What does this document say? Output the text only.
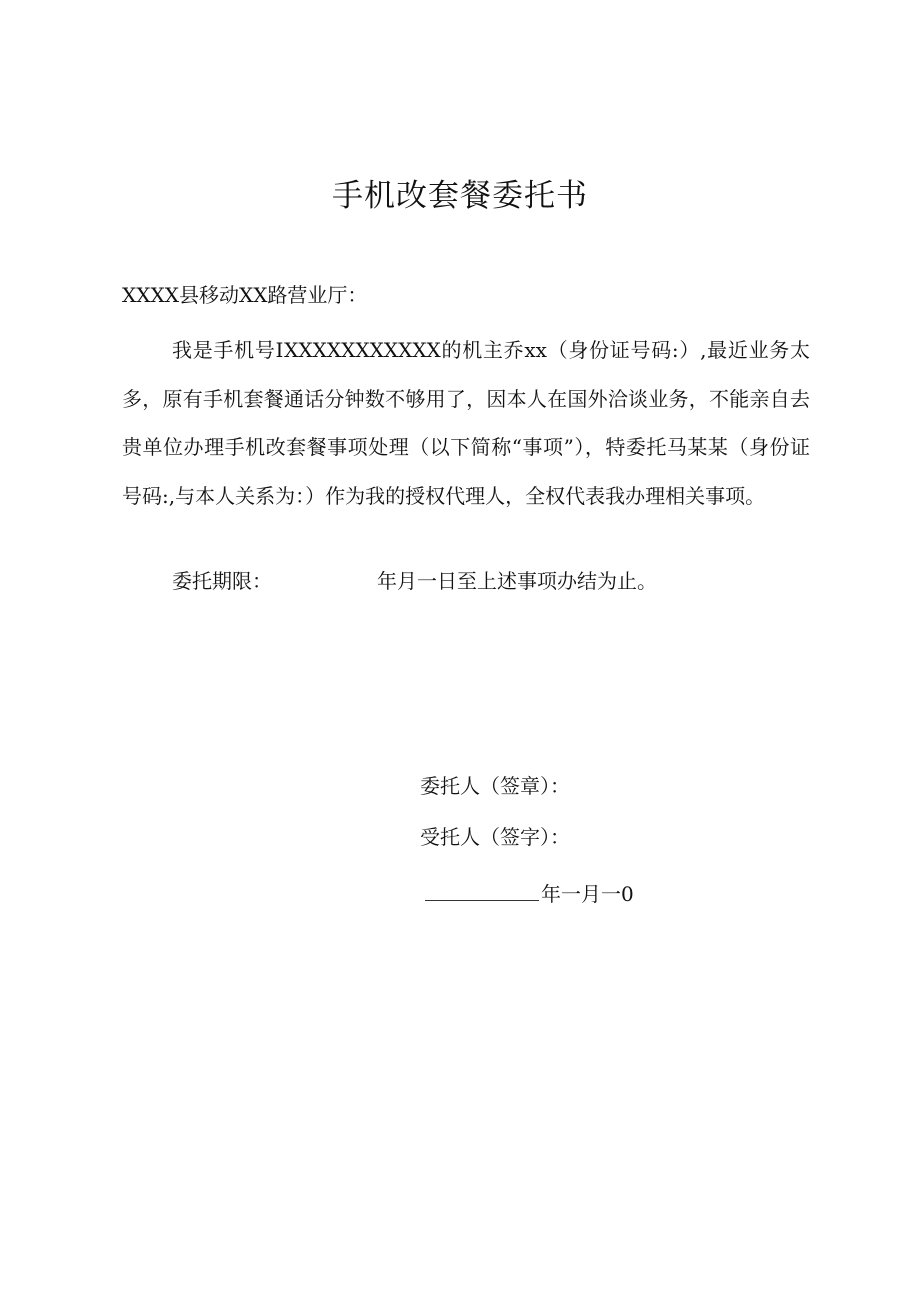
手机改套餐委托书
XXXX县移动XX路营业厅：
我是手机号ⅠXXXXXXXXXXX的机主乔xx（身份证号码:）,最近业务太多，原有手机套餐通话分钟数不够用了，因本人在国外洽谈业务，不能亲自去贵单位办理手机改套餐事项处理（以下简称“事项”），特委托马某某（身份证号码:,与本人关系为：）作为我的授权代理人，全权代表我办理相关事项。
委托期限：	年月一日至上述事项办结为止。
委托人（签章）：
受托人（签字）：
年一月一0
